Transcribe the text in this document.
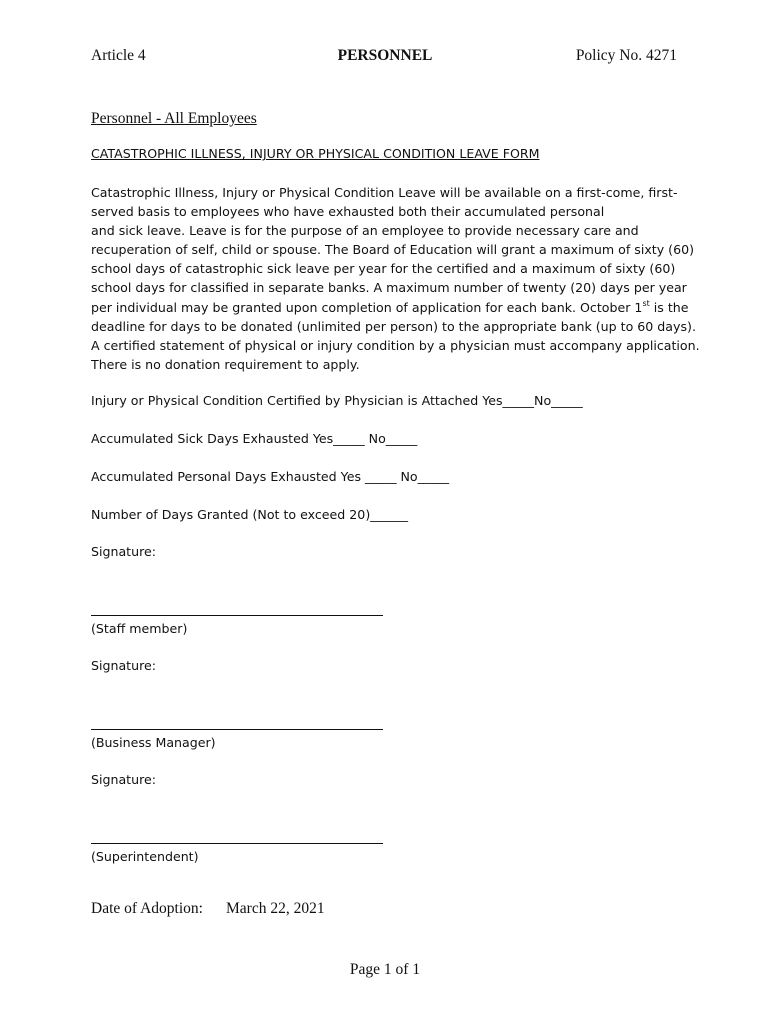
Article 4	PERSONNEL	Policy No. 4271
Personnel - All Employees
CATASTROPHIC ILLNESS, INJURY OR PHYSICAL CONDITION LEAVE FORM
Catastrophic Illness, Injury or Physical Condition Leave will be available on a first-come, first-
served basis to employees who have exhausted both their accumulated personal
and sick leave. Leave is for the purpose of an employee to provide necessary care and
recuperation of self, child or spouse. The Board of Education will grant a maximum of sixty (60)
school days of catastrophic sick leave per year for the certified and a maximum of sixty (60)
school days for classified in separate banks. A maximum number of twenty (20) days per year
per individual may be granted upon completion of application for each bank. October 1st is the
deadline for days to be donated (unlimited per person) to the appropriate bank (up to 60 days).
A certified statement of physical or injury condition by a physician must accompany application.
There is no donation requirement to apply.
Injury or Physical Condition Certified by Physician is Attached Yes_____No_____
Accumulated Sick Days Exhausted Yes_____ No_____
Accumulated Personal Days Exhausted Yes _____ No_____
Number of Days Granted (Not to exceed 20)______
Signature:
(Staff member)
Signature:
(Business Manager)
Signature:
(Superintendent)
Date of Adoption: March 22, 2021
Page 1 of 1
